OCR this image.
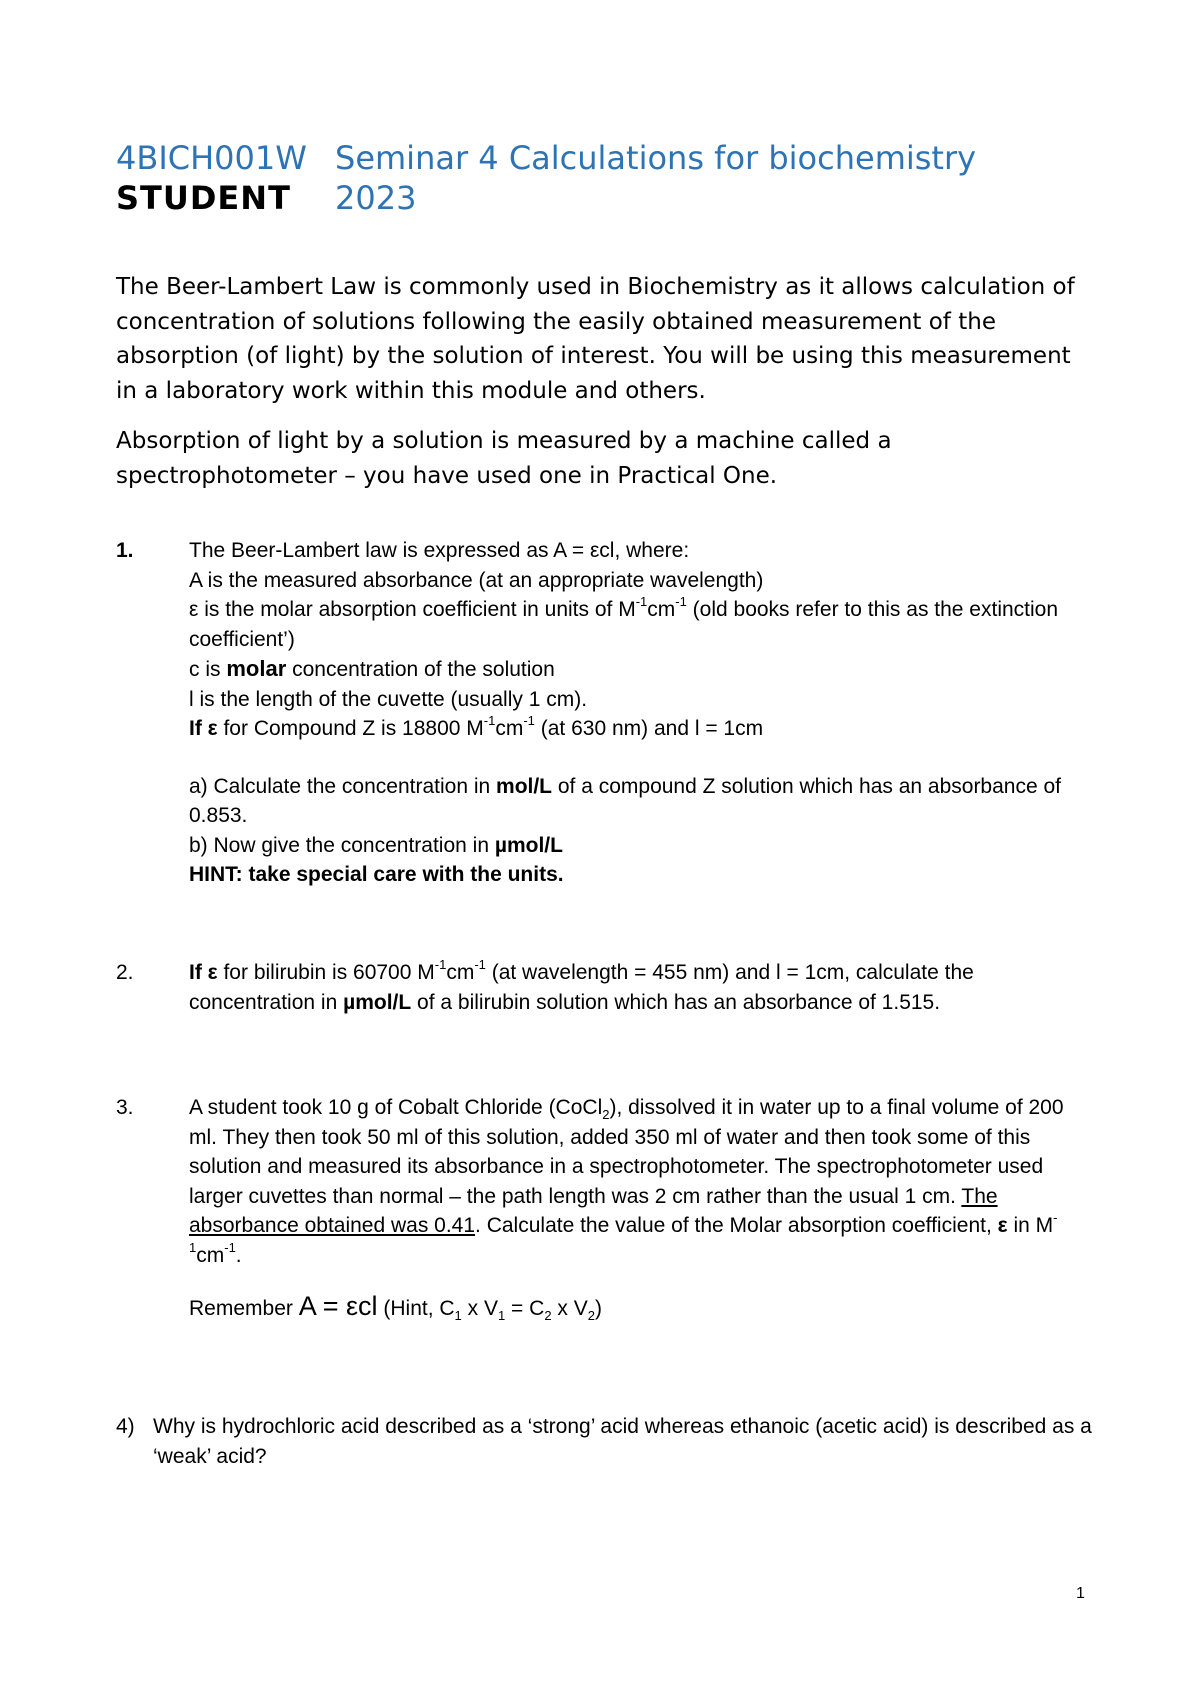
4BICH001W Seminar 4 Calculations for biochemistry
STUDENT	2023

The Beer-Lambert Law is commonly used in Biochemistry as it allows calculation of concentration of solutions following the easily obtained measurement of the absorption (of light) by the solution of interest. You will be using this measurement in a laboratory work within this module and others.

Absorption of light by a solution is measured by a machine called a spectrophotometer – you have used one in Practical One.

1.	The Beer-Lambert law is expressed as A = εcl, where:
A is the measured absorbance (at an appropriate wavelength)
ε is the molar absorption coefficient in units of $M^{-1}cm^{-1}$ (old books refer to this as the extinction coefficient’)
c is molar concentration of the solution
l is the length of the cuvette (usually 1 cm).
If ε for Compound Z is 18800 $M^{-1}cm^{-1}$ (at 630 nm) and l = 1cm
a) Calculate the concentration in mol/L of a compound Z solution which has an absorbance of 0.853.
b) Now give the concentration in µmol/L
HINT: take special care with the units.
2.	If ε for bilirubin is 60700 $M^{-1}cm^{-1}$ (at wavelength = 455 nm) and l = 1cm, calculate the concentration in µmol/L of a bilirubin solution which has an absorbance of 1.515.
3.	A student took 10 g of Cobalt Chloride (CoCl$_2$), dissolved it in water up to a final volume of 200 ml. They then took 50 ml of this solution, added 350 ml of water and then took some of this solution and measured its absorbance in a spectrophotometer. The spectrophotometer used larger cuvettes than normal – the path length was 2 cm rather than the usual 1 cm. The absorbance obtained was 0.41. Calculate the value of the Molar absorption coefficient, ε in $M^{-1}cm^{-1}$.
Remember A = εcl (Hint, $C_1$ x $V_1 = C_2$ x $V_2$)
4) Why is hydrochloric acid described as a ‘strong’ acid whereas ethanoic (acetic acid) is described as a ‘weak’ acid?
1
